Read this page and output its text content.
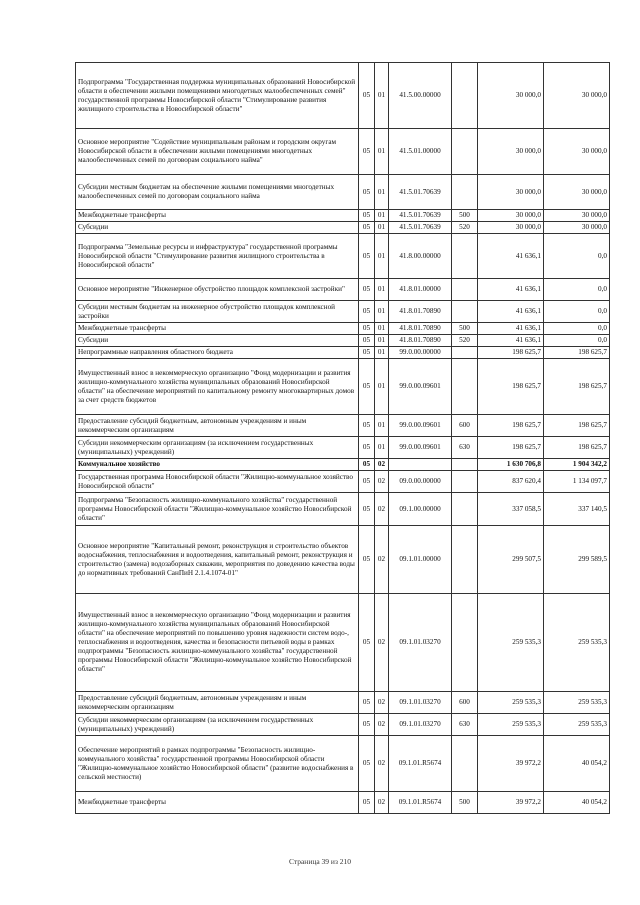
Подпрограмма "Государственная поддержка муниципальных образований Новосибирской области в обеспечении жилыми помещениями многодетных малообеспеченных семей" государственной программы Новосибирской области "Стимулирование развития жилищного строительства в Новосибирской области"	05	01	41.5.00.00000		30 000,0	30 000,0
Основное мероприятие "Содействие муниципальным районам и городским округам Новосибирской области в обеспечении жилыми помещениями многодетных малообеспеченных семей по договорам социального найма"	05	01	41.5.01.00000		30 000,0	30 000,0
Субсидии местным бюджетам на обеспечение жилыми помещениями многодетных малообеспеченных семей по договорам социального найма	05	01	41.5.01.70639		30 000,0	30 000,0
Межбюджетные трансферты	05	01	41.5.01.70639	500	30 000,0	30 000,0
Субсидии	05	01	41.5.01.70639	520	30 000,0	30 000,0
Подпрограмма "Земельные ресурсы и инфраструктура" государственной программы Новосибирской области "Стимулирование развития жилищного строительства в Новосибирской области"	05	01	41.8.00.00000		41 636,1	0,0
Основное мероприятие "Инженерное обустройство площадок комплексной застройки"	05	01	41.8.01.00000		41 636,1	0,0
Субсидии местным бюджетам на инженерное обустройство площадок комплексной застройки	05	01	41.8.01.70890		41 636,1	0,0
Межбюджетные трансферты	05	01	41.8.01.70890	500	41 636,1	0,0
Субсидии	05	01	41.8.01.70890	520	41 636,1	0,0
Непрограммные направления областного бюджета	05	01	99.0.00.00000		198 625,7	198 625,7
Имущественный взнос в некоммерческую организацию "Фонд модернизации и развития жилищно-коммунального хозяйства муниципальных образований Новосибирской области" на обеспечение мероприятий по капитальному ремонту многоквартирных домов за счет средств бюджетов	05	01	99.0.00.09601		198 625,7	198 625,7
Предоставление субсидий бюджетным, автономным учреждениям и иным некоммерческим организациям	05	01	99.0.00.09601	600	198 625,7	198 625,7
Субсидии некоммерческим организациям (за исключением государственных (муниципальных) учреждений)	05	01	99.0.00.09601	630	198 625,7	198 625,7
Коммунальное хозяйство	05	02			1 630 706,8	1 904 342,2
Государственная программа Новосибирской области "Жилищно-коммунальное хозяйство Новосибирской области"	05	02	09.0.00.00000		837 620,4	1 134 097,7
Подпрограмма "Безопасность жилищно-коммунального хозяйства" государственной программы Новосибирской области "Жилищно-коммунальное хозяйство Новосибирской области"	05	02	09.1.00.00000		337 058,5	337 140,5
Основное мероприятие "Капитальный ремонт, реконструкция и строительство объектов водоснабжения, теплоснабжения и водоотведения, капитальный ремонт, реконструкция и строительство (замена) водозаборных скважин, мероприятия по доведению качества воды до нормативных требований СанПиН 2.1.4.1074-01"	05	02	09.1.01.00000		299 507,5	299 589,5
Имущественный взнос в некоммерческую организацию "Фонд модернизации и развития жилищно-коммунального хозяйства муниципальных образований Новосибирской области" на обеспечение мероприятий по повышению уровня надежности систем водо-, теплоснабжения и водоотведения, качества и безопасности питьевой воды в рамках подпрограммы "Безопасность жилищно-коммунального хозяйства" государственной программы Новосибирской области "Жилищно-коммунальное хозяйство Новосибирской области"	05	02	09.1.01.03270		259 535,3	259 535,3
Предоставление субсидий бюджетным, автономным учреждениям и иным некоммерческим организациям	05	02	09.1.01.03270	600	259 535,3	259 535,3
Субсидии некоммерческим организациям (за исключением государственных (муниципальных) учреждений)	05	02	09.1.01.03270	630	259 535,3	259 535,3
Обеспечение мероприятий в рамках подпрограммы "Безопасность жилищно-коммунального хозяйства" государственной программы Новосибирской области "Жилищно-коммунальное хозяйство Новосибирской области" (развитие водоснабжения в сельской местности)	05	02	09.1.01.R5674		39 972,2	40 054,2
Межбюджетные трансферты	05	02	09.1.01.R5674	500	39 972,2	40 054,2
Страница 39 из 210
